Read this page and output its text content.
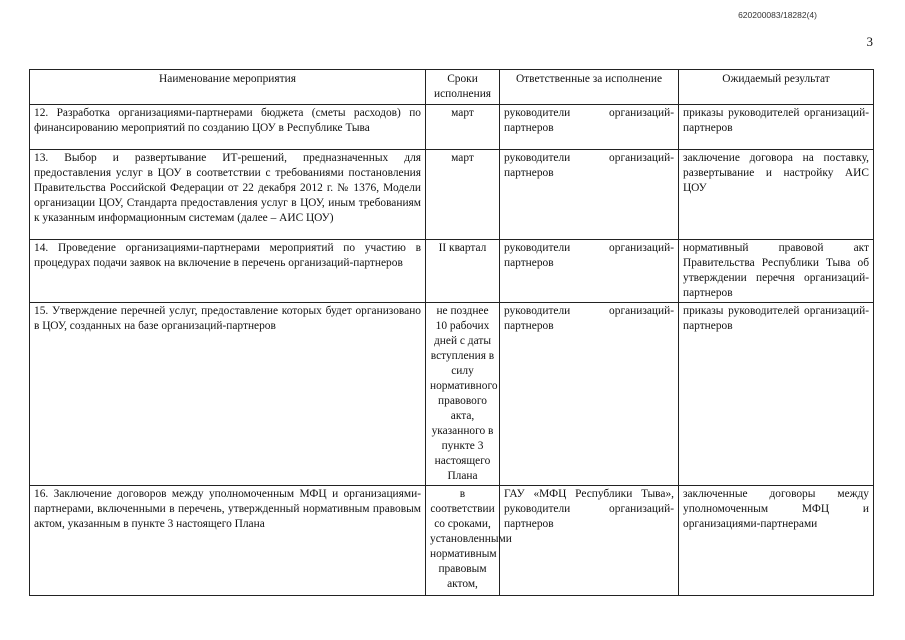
620200083/18282(4)
3
Наименование мероприятия	Сроки исполнения	Ответственные за исполнение	Ожидаемый результат
12. Разработка организациями-партнерами бюджета (сметы расходов) по финансированию мероприятий по созданию ЦОУ в Республике Тыва	март	руководители организаций-партнеров	приказы руководителей организаций-партнеров
13. Выбор и развертывание ИТ-решений, предназначенных для предоставления услуг в ЦОУ в соответствии с требованиями постановления Правительства Российской Федерации от 22 декабря 2012 г. № 1376, Модели организации ЦОУ, Стандарта предоставления услуг в ЦОУ, иным требованиям к указанным информационным системам (далее – АИС ЦОУ)	март	руководители организаций-партнеров	заключение договора на поставку, развертывание и настройку АИС ЦОУ
14. Проведение организациями-партнерами мероприятий по участию в процедурах подачи заявок на включение в перечень организаций-партнеров	II квартал	руководители организаций-партнеров	нормативный правовой акт Правительства Республики Тыва об утверждении перечня организаций-партнеров
15. Утверждение перечней услуг, предоставление которых будет организовано в ЦОУ, созданных на базе организаций-партнеров	не позднее 10 рабочих дней с даты вступления в силу нормативного правового акта, указанного в пункте 3 настоящего Плана	руководители организаций-партнеров	приказы руководителей организаций-партнеров
16. Заключение договоров между уполномоченным МФЦ и организациями-партнерами, включенными в перечень, утвержденный нормативным правовым актом, указанным в пункте 3 настоящего Плана	в соответствии со сроками, установленными нормативным правовым актом,	ГАУ «МФЦ Республики Тыва», руководители организаций-партнеров	заключенные договоры между уполномоченным МФЦ и организациями-партнерами
